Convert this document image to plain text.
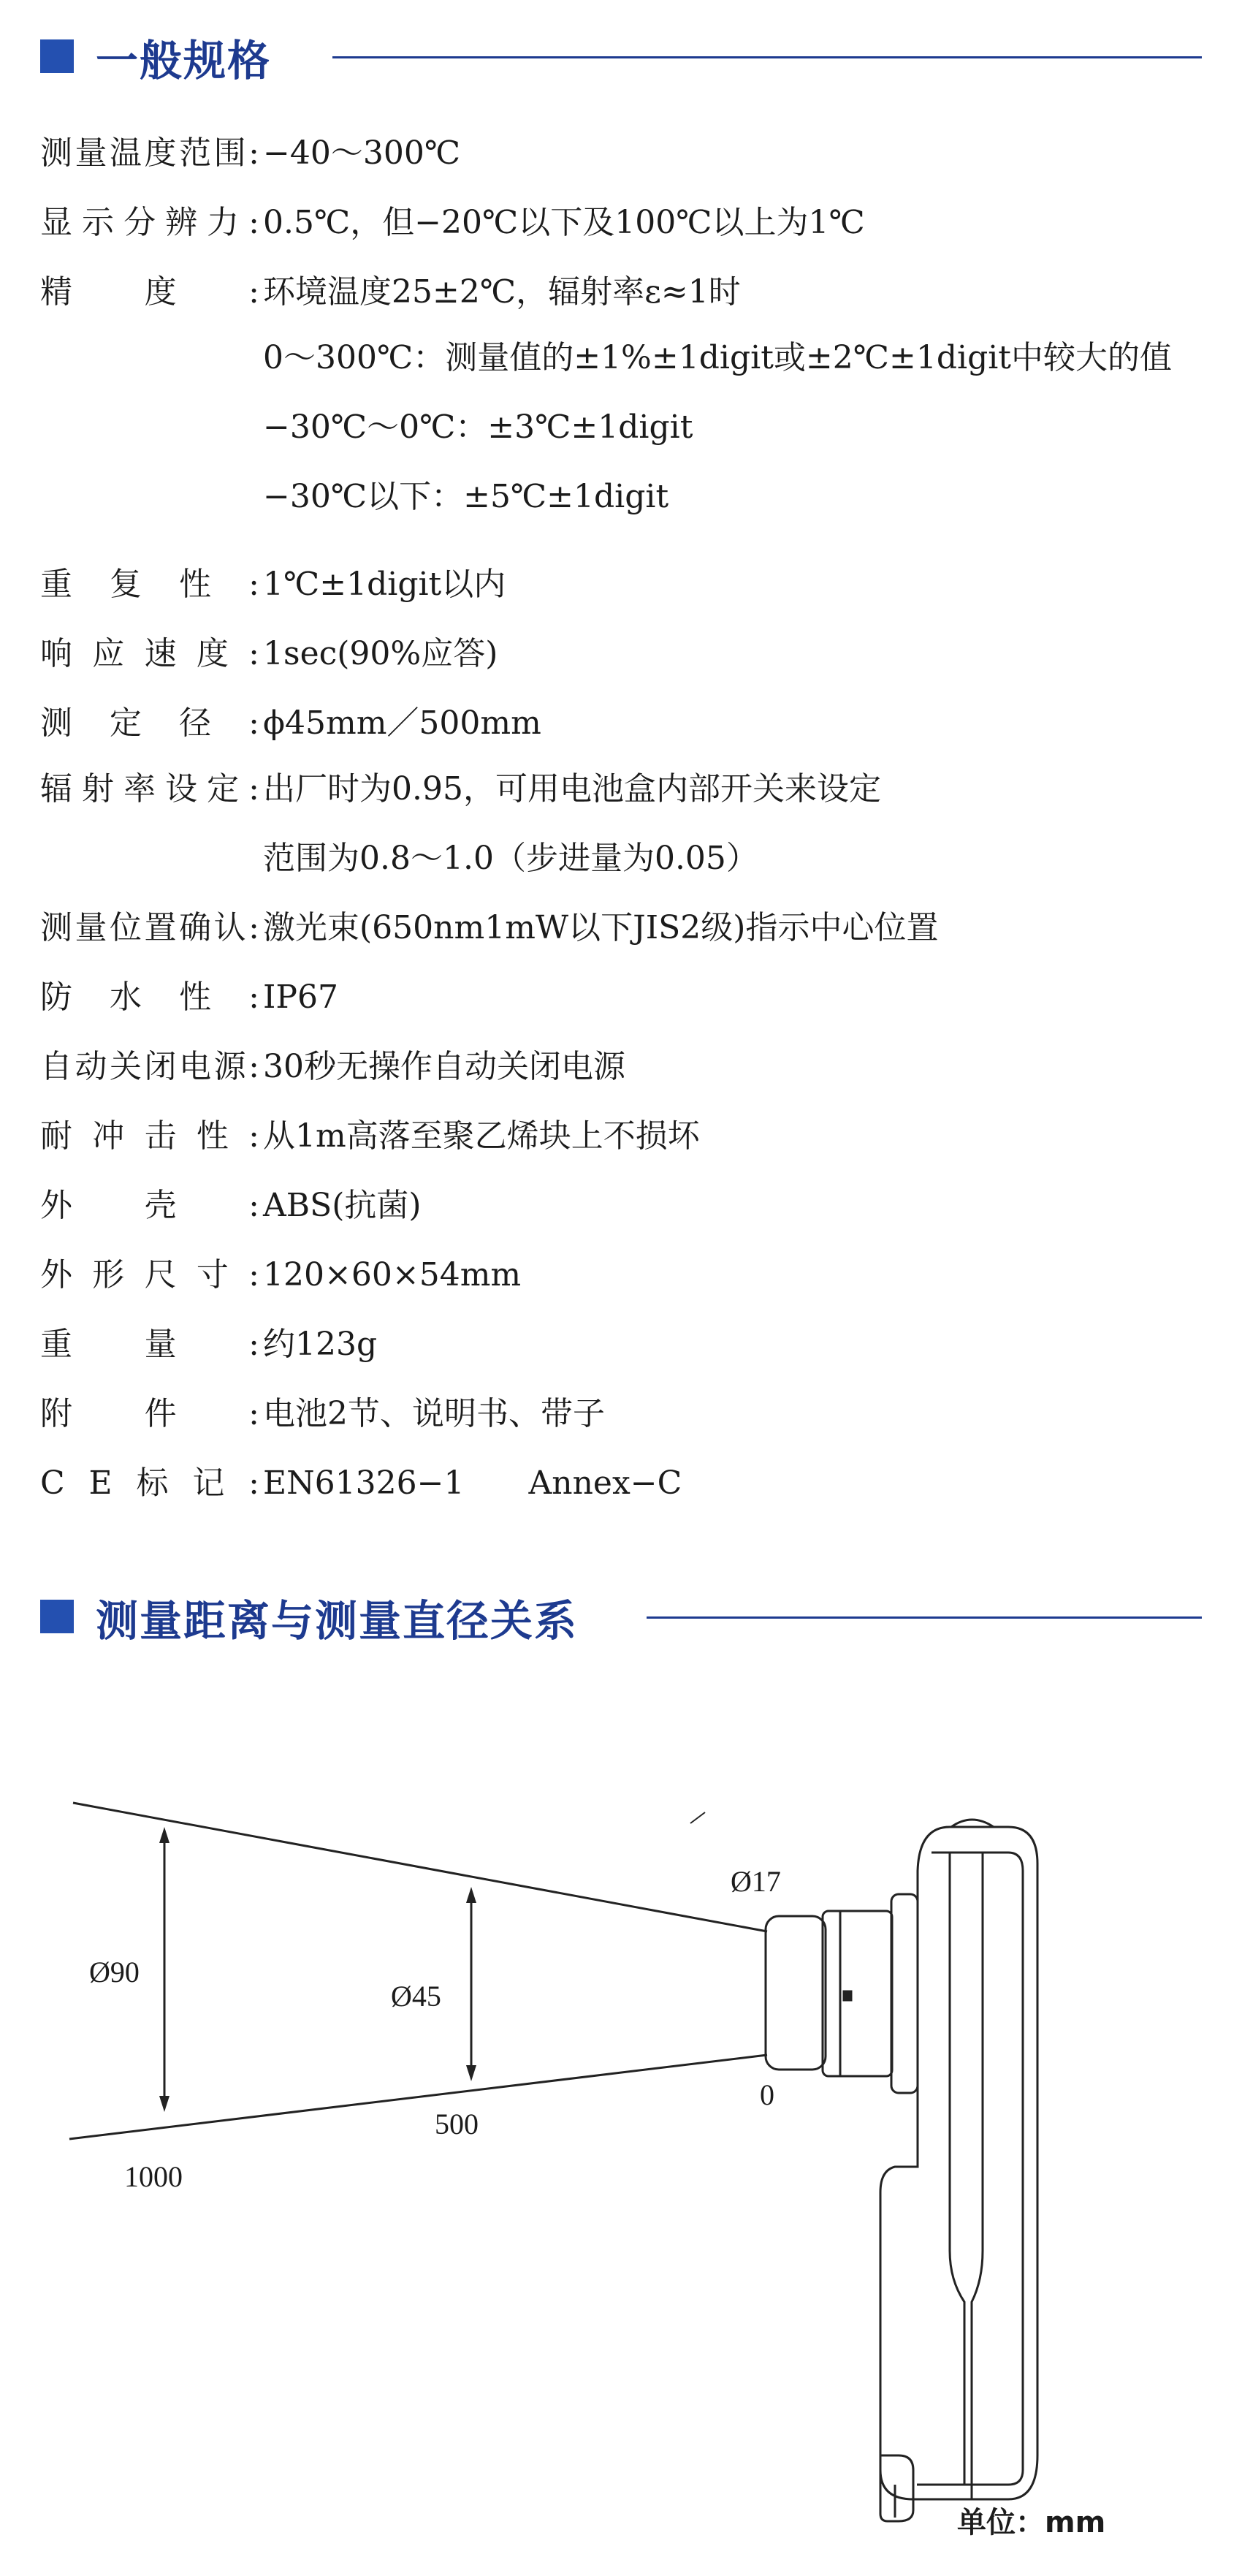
一般规格
测 量 温 度 范 围 : −40～300℃
显 示 分 辨 力 : 0.5℃，但−20℃以下及100℃以上为1℃
精 度 : 环境温度25±2℃，辐射率ε≈1时
重 复 性 : 1℃±1digit以内
响 应 速 度 : 1sec(90%应答)
测 定 径 : ϕ45mm／500mm
辐 射 率 设 定 : 出厂时为0.95，可用电池盒内部开关来设定
测 量 位 置 确 认 : 激光束(650nm1mW以下JIS2级)指示中心位置
防 水 性 : IP67
自 动 关 闭 电 源 : 30秒无操作自动关闭电源
耐 冲 击 性 : 从1m高落至聚乙烯块上不损坏
外 壳 : ABS(抗菌)
外 形 尺 寸 : 120×60×54mm
重 量 : 约123g
附 件 : 电池2节、说明书、带子
C E 标 记 : EN61326−1　　Annex−C
0～300℃：测量值的±1%±1digit或±2℃±1digit中较大的值
−30℃～0℃：±3℃±1digit
−30℃以下：±5℃±1digit
范围为0.8～1.0（步进量为0.05）
测量距离与测量直径关系
Ø90
Ø45
Ø17
1000
500
0
单位：mm
